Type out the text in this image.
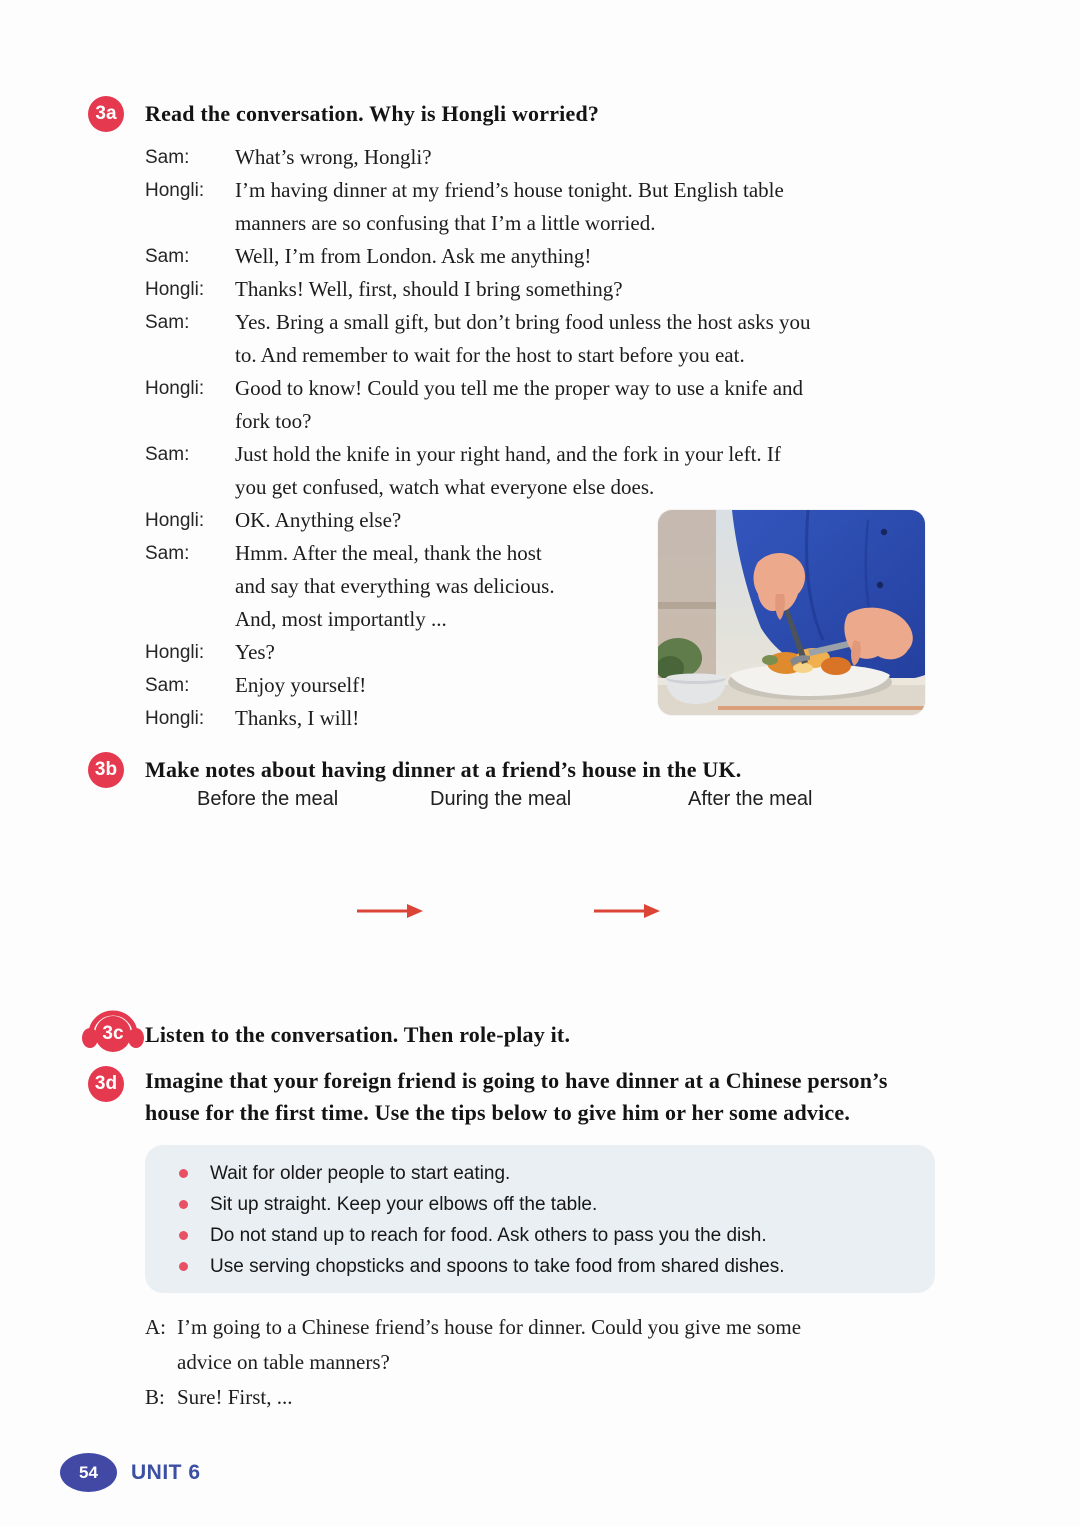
3a	Read the conversation. Why is Hongli worried?
Sam:	What’s wrong, Hongli?
Hongli:	I’m having dinner at my friend’s house tonight. But English table
manners are so confusing that I’m a little worried.
Sam:	Well, I’m from London. Ask me anything!
Hongli:	Thanks! Well, first, should I bring something?
Sam:	Yes. Bring a small gift, but don’t bring food unless the host asks you
to. And remember to wait for the host to start before you eat.
Hongli:	Good to know! Could you tell me the proper way to use a knife and
fork too?
Sam:	Just hold the knife in your right hand, and the fork in your left. If
you get confused, watch what everyone else does.
Hongli:	OK. Anything else?
Sam:	Hmm. After the meal, thank the host
and say that everything was delicious.
And, most importantly ...
Hongli:	Yes?
Sam:	Enjoy yourself!
Hongli:	Thanks, I will!
3b	Make notes about having dinner at a friend’s house in the UK.
Before the meal	During the meal	After the meal
3c Listen to the conversation. Then role-play it.
3d	Imagine that your foreign friend is going to have dinner at a Chinese person’s
house for the first time. Use the tips below to give him or her some advice.
Wait for older people to start eating.
Sit up straight. Keep your elbows off the table.
Do not stand up to reach for food. Ask others to pass you the dish.
Use serving chopsticks and spoons to take food from shared dishes.
A: I’m going to a Chinese friend’s house for dinner. Could you give me some
advice on table manners?
B: Sure! First, ...
54	UNIT 6
